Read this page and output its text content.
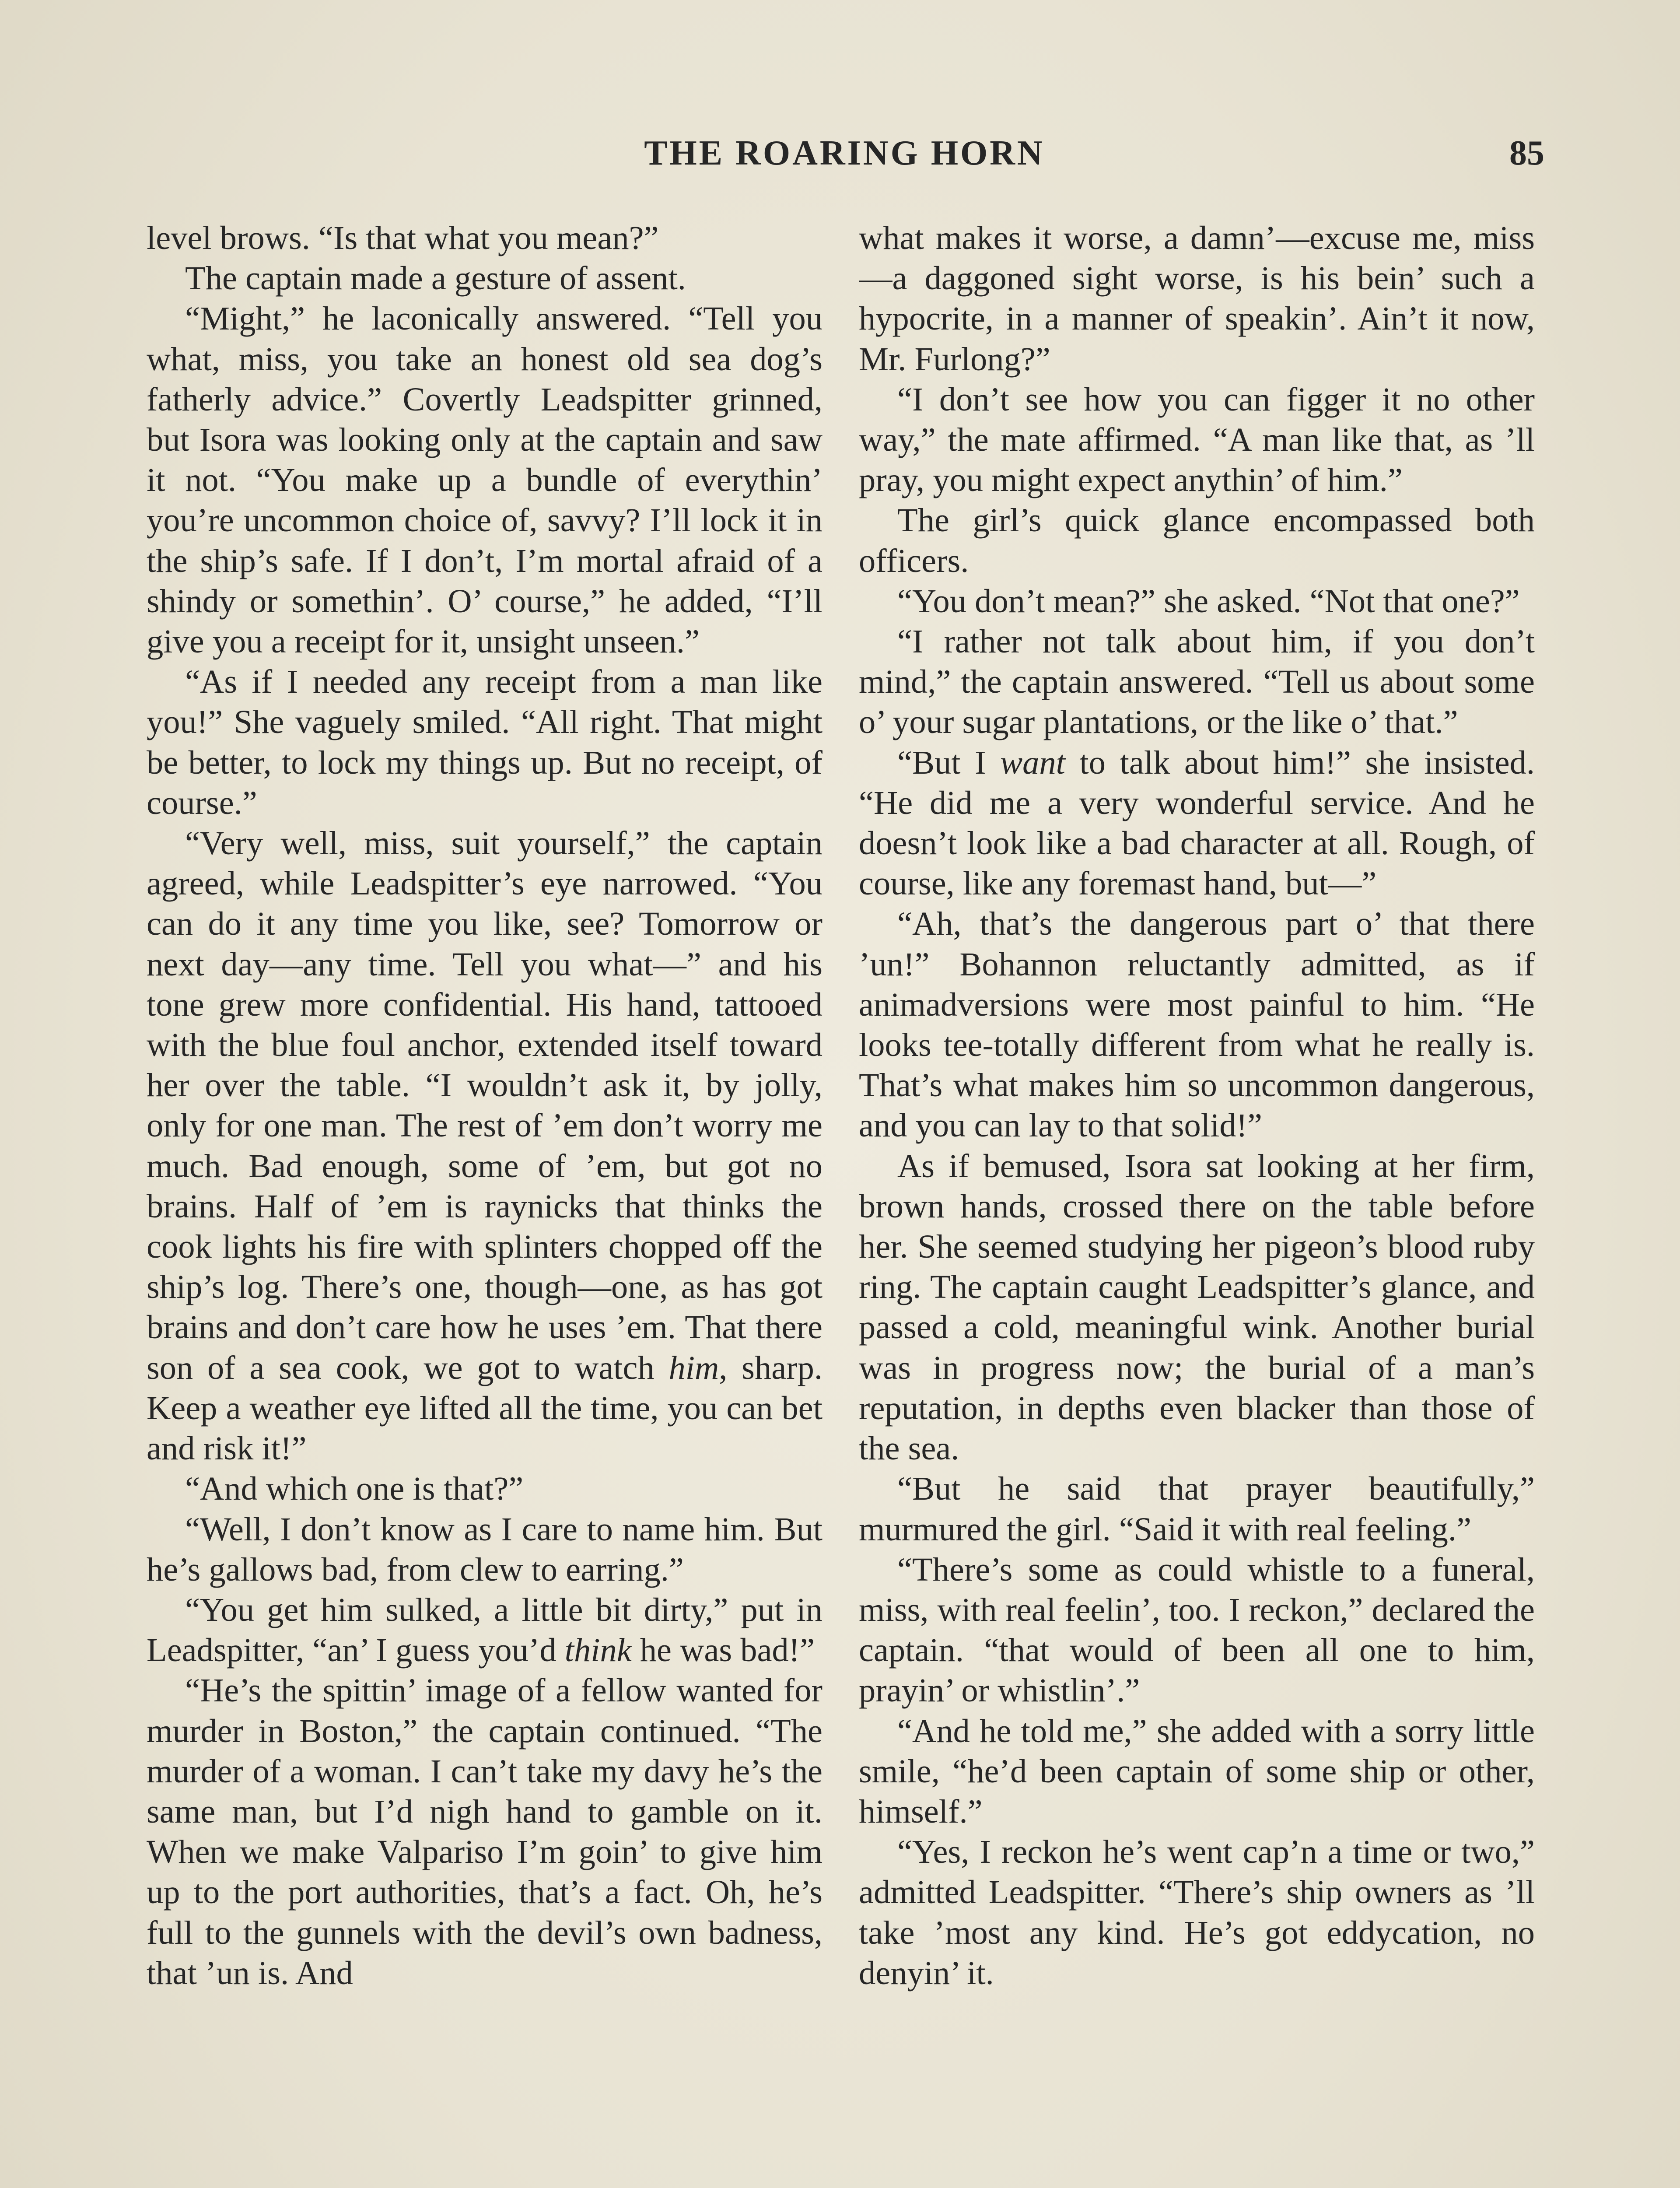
THE ROARING HORN	85

level brows. “Is that what you mean?”

The captain made a gesture of assent.

“Might,” he laconically answered. “Tell you what, miss, you take an honest old sea dog’s fatherly advice.” Covertly Leadspitter grinned, but Isora was looking only at the captain and saw it not. “You make up a bundle of everythin’ you’re uncommon choice of, savvy? I’ll lock it in the ship’s safe. If I don’t, I’m mortal afraid of a shindy or somethin’. O’ course,” he added, “I’ll give you a receipt for it, unsight unseen.”

“As if I needed any receipt from a man like you!” She vaguely smiled. “All right. That might be better, to lock my things up. But no receipt, of course.”

“Very well, miss, suit yourself,” the captain agreed, while Leadspitter’s eye narrowed. “You can do it any time you like, see? Tomorrow or next day—any time. Tell you what—” and his tone grew more confidential. His hand, tattooed with the blue foul anchor, extended itself toward her over the table. “I wouldn’t ask it, by jolly, only for one man. The rest of ’em don’t worry me much. Bad enough, some of ’em, but got no brains. Half of ’em is raynicks that thinks the cook lights his fire with splinters chopped off the ship’s log. There’s one, though—one, as has got brains and don’t care how he uses ’em. That there son of a sea cook, we got to watch him, sharp. Keep a weather eye lifted all the time, you can bet and risk it!”

“And which one is that?”

“Well, I don’t know as I care to name him. But he’s gallows bad, from clew to earring.”

“You get him sulked, a little bit dirty,” put in Leadspitter, “an’ I guess you’d think he was bad!”

“He’s the spittin’ image of a fellow wanted for murder in Boston,” the captain continued. “The murder of a woman. I can’t take my davy he’s the same man, but I’d nigh hand to gamble on it. When we make Valpariso I’m goin’ to give him up to the port authorities, that’s a fact. Oh, he’s full to the gunnels with the devil’s own badness, that ’un is. And

what makes it worse, a damn’—excuse me, miss—a daggoned sight worse, is his bein’ such a hypocrite, in a manner of speakin’. Ain’t it now, Mr. Furlong?”

“I don’t see how you can figger it no other way,” the mate affirmed. “A man like that, as ’ll pray, you might expect anythin’ of him.”

The girl’s quick glance encompassed both officers.

“You don’t mean?” she asked. “Not that one?”

“I rather not talk about him, if you don’t mind,” the captain answered. “Tell us about some o’ your sugar plantations, or the like o’ that.”

“But I want to talk about him!” she insisted. “He did me a very wonderful service. And he doesn’t look like a bad character at all. Rough, of course, like any foremast hand, but—”

“Ah, that’s the dangerous part o’ that there ’un!” Bohannon reluctantly admitted, as if animadversions were most painful to him. “He looks tee-totally different from what he really is. That’s what makes him so uncommon dangerous, and you can lay to that solid!”

As if bemused, Isora sat looking at her firm, brown hands, crossed there on the table before her. She seemed studying her pigeon’s blood ruby ring. The captain caught Leadspitter’s glance, and passed a cold, meaningful wink. Another burial was in progress now; the burial of a man’s reputation, in depths even blacker than those of the sea.

“But he said that prayer beautifully,” murmured the girl. “Said it with real feeling.”

“There’s some as could whistle to a funeral, miss, with real feelin’, too. I reckon,” declared the captain. “that would of been all one to him, prayin’ or whistlin’.”

“And he told me,” she added with a sorry little smile, “he’d been captain of some ship or other, himself.”

“Yes, I reckon he’s went cap’n a time or two,” admitted Leadspitter. “There’s ship owners as ’ll take ’most any kind. He’s got eddycation, no denyin’ it.
